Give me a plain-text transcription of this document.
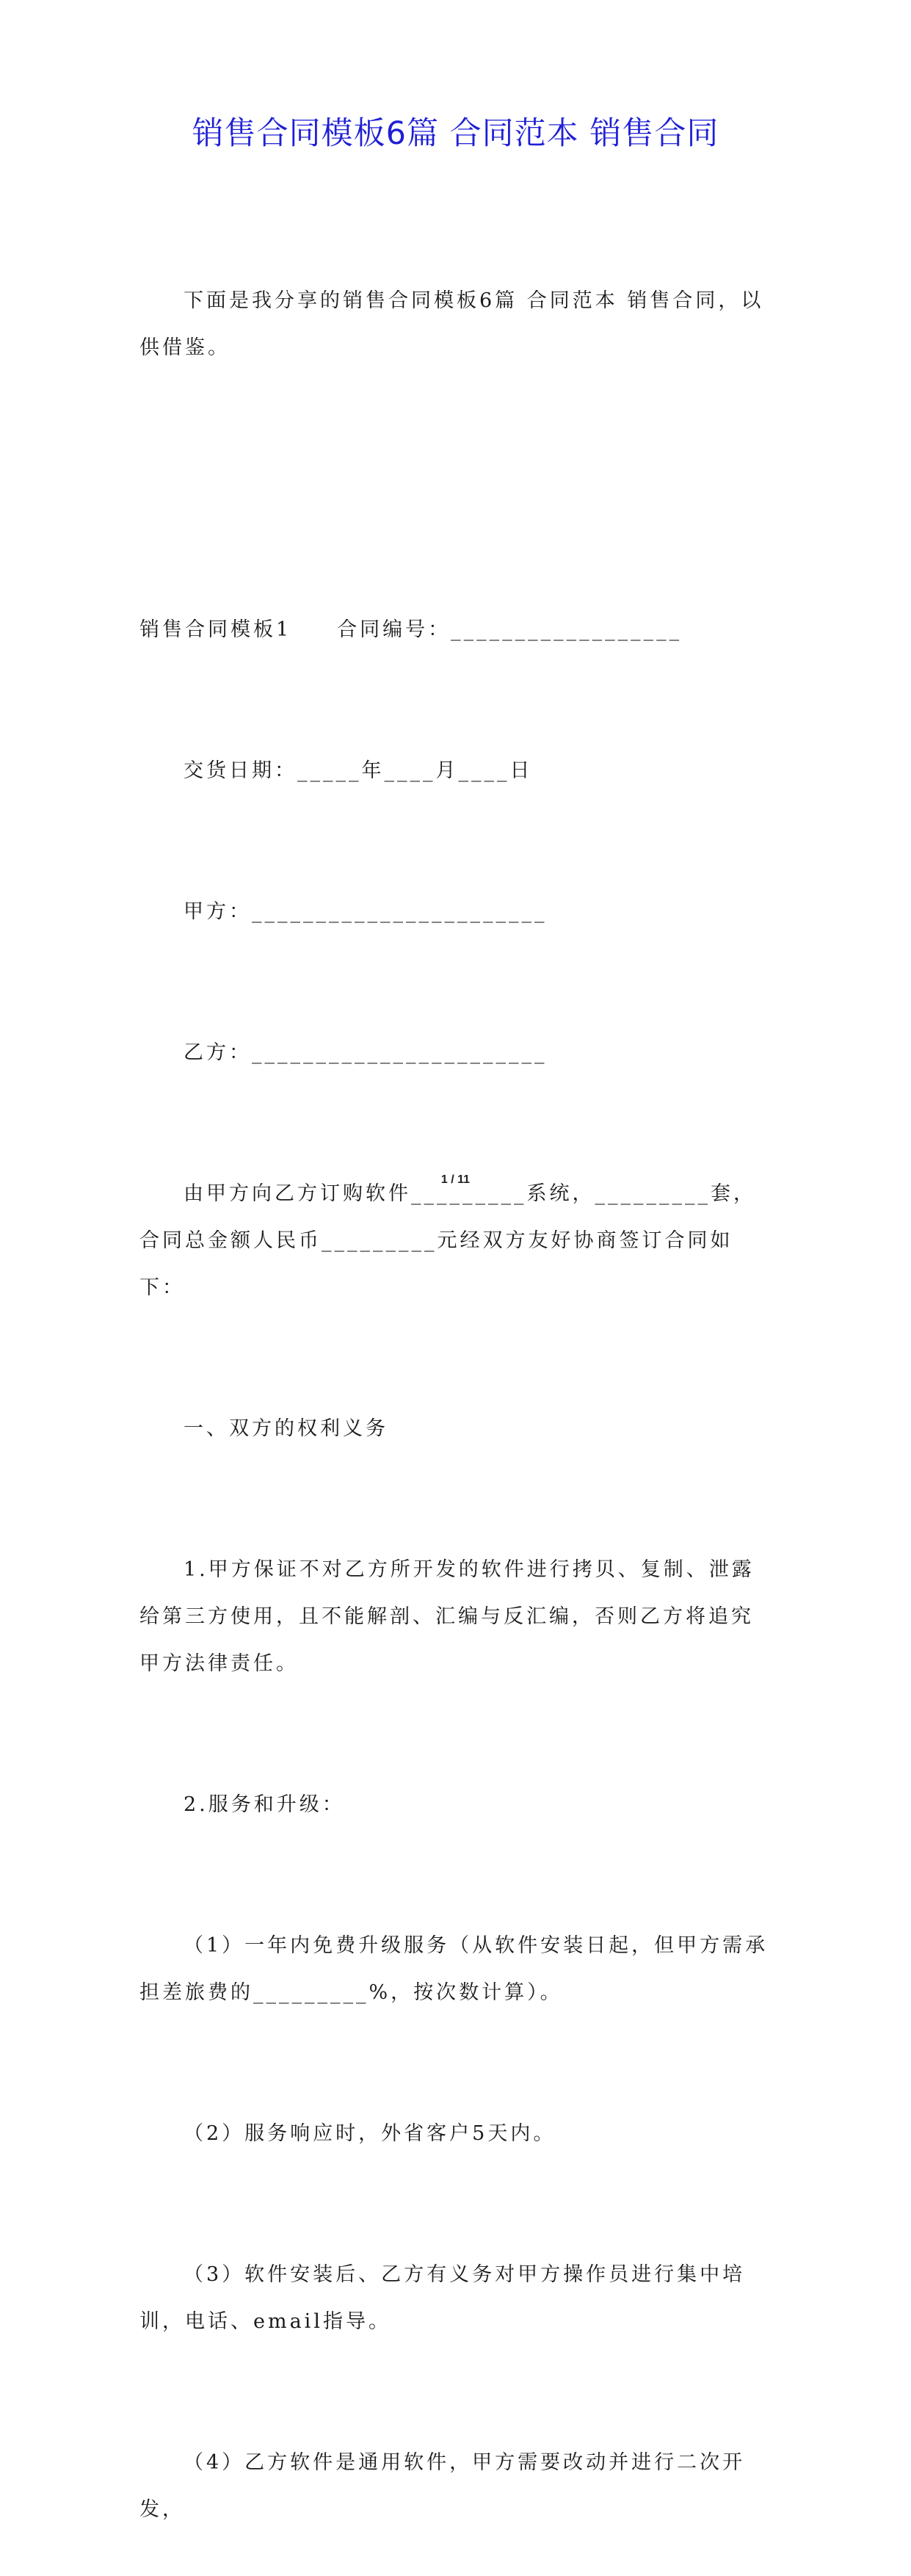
销售合同模板6篇 合同范本 销售合同

下面是我分享的销售合同模板6篇 合同范本 销售合同，以供借鉴。

销售合同模板1　　合同编号：__________________

交货日期：_____年____月____日

甲方：_______________________

乙方：_______________________

由甲方向乙方订购软件_________系统，_________套，合同总金额人民币_________元经双方友好协商签订合同如下：

一、双方的权利义务

1.甲方保证不对乙方所开发的软件进行拷贝、复制、泄露给第三方使用，且不能解剖、汇编与反汇编，否则乙方将追究甲方法律责任。

2.服务和升级：

（1）一年内免费升级服务（从软件安装日起，但甲方需承担差旅费的_________%，按次数计算）。

（2）服务响应时，外省客户5天内。

（3）软件安装后、乙方有义务对甲方操作员进行集中培训，电话、email指导。

（4）乙方软件是通用软件，甲方需要改动并进行二次开发，

1 / 11
